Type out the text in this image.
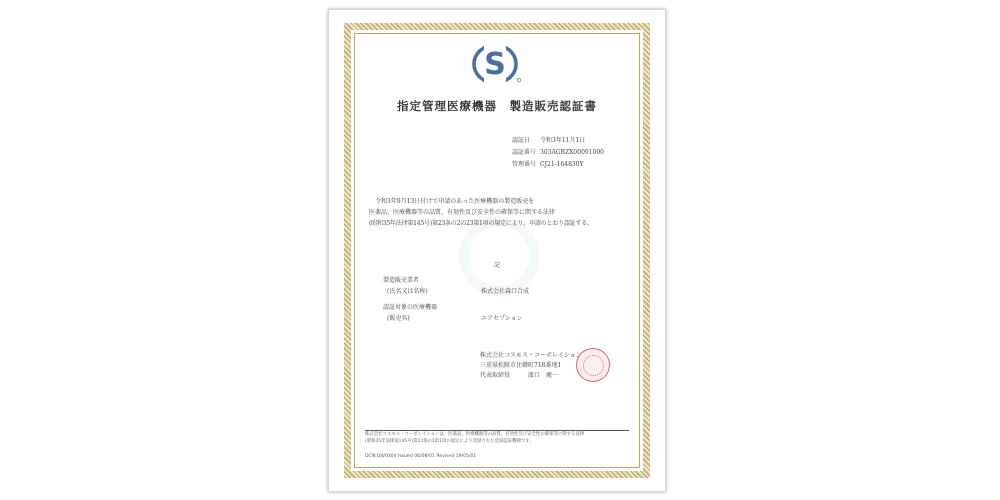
S
指定管理医療機器　製造販売認証書
認証日 令和3年11月1日
認証番号 303AGBZX00091000
管理番号 CJ21-164830Y
令和3年9月13日付けで申請のあった医療機器の製造販売を
医薬品、医療機器等の品質、有効性及び安全性の確保等に関する法律
(昭和35年法律第145号)第23条の2の23第1項の規定により、申請のとおり認証する。
記
製造販売業者
(氏名又は名称)	株式会社森口合成
認証対象の医療機器
(販売名)	エアセプション
株式会社コスモス・コーポレイション
三重県松阪市住郷町718番地1
代表取締役　　　濱口　慶一
株式会社コスモス・コーポレイションは、医薬品、医療機器等の品質、有効性及び安全性の確保等に関する法律
(昭和35年法律第145号)第23条の2第1項の規定により登録された登録認証機関です。
DCN:Q4/0304 Issued 06/08/01 Revised 19/05/01
